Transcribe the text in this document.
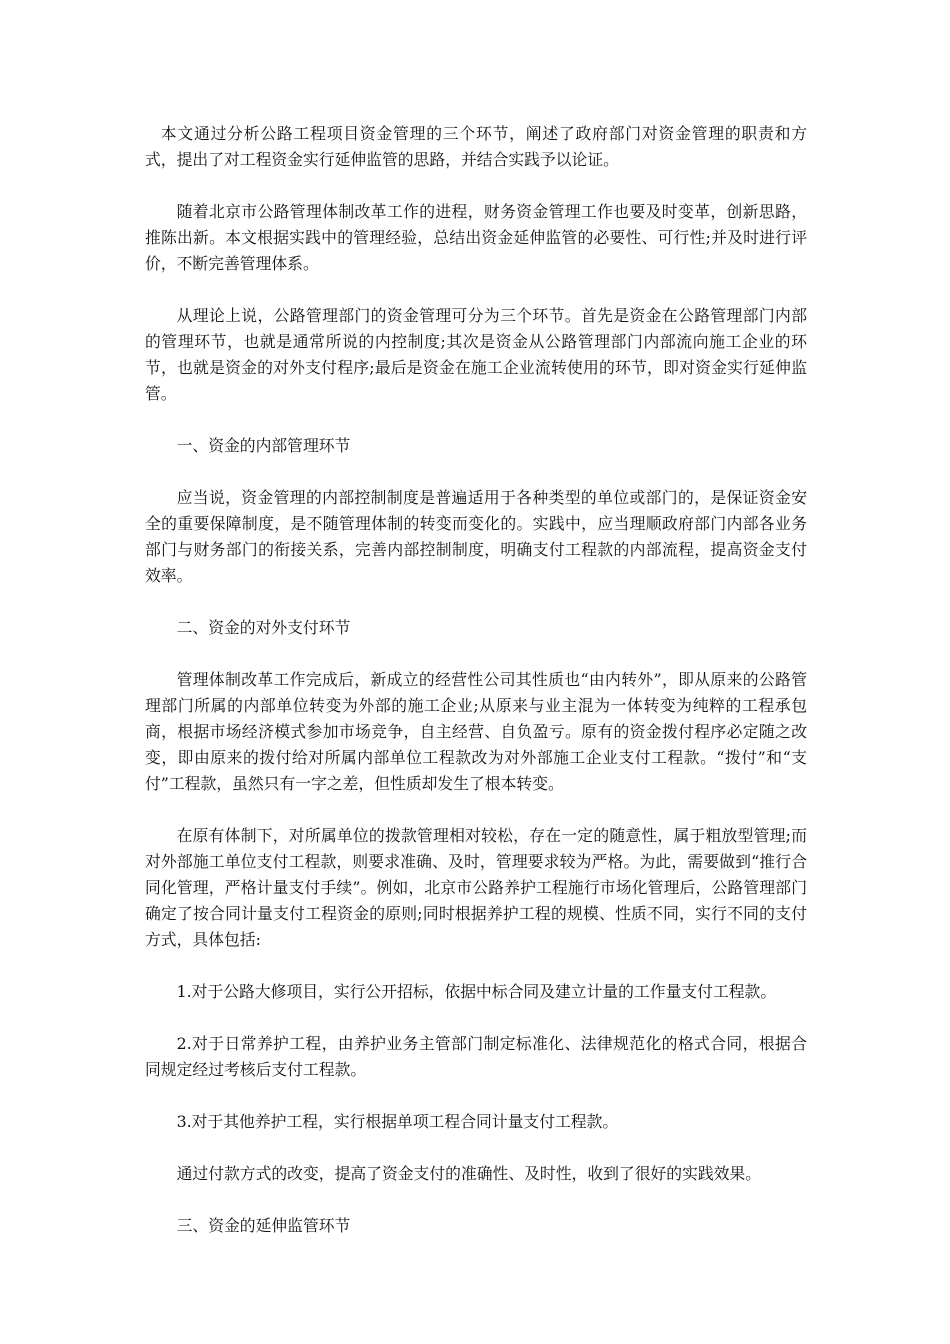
本文通过分析公路工程项目资金管理的三个环节，阐述了政府部门对资金管理的职责和方式，提出了对工程资金实行延伸监管的思路，并结合实践予以论证。

随着北京市公路管理体制改革工作的进程，财务资金管理工作也要及时变革，创新思路，推陈出新。本文根据实践中的管理经验，总结出资金延伸监管的必要性、可行性;并及时进行评价，不断完善管理体系。

从理论上说，公路管理部门的资金管理可分为三个环节。首先是资金在公路管理部门内部的管理环节，也就是通常所说的内控制度;其次是资金从公路管理部门内部流向施工企业的环节，也就是资金的对外支付程序;最后是资金在施工企业流转使用的环节，即对资金实行延伸监管。

一、资金的内部管理环节

应当说，资金管理的内部控制制度是普遍适用于各种类型的单位或部门的，是保证资金安全的重要保障制度，是不随管理体制的转变而变化的。实践中，应当理顺政府部门内部各业务部门与财务部门的衔接关系，完善内部控制制度，明确支付工程款的内部流程，提高资金支付效率。

二、资金的对外支付环节

管理体制改革工作完成后，新成立的经营性公司其性质也“由内转外”，即从原来的公路管理部门所属的内部单位转变为外部的施工企业;从原来与业主混为一体转变为纯粹的工程承包商，根据市场经济模式参加市场竞争，自主经营、自负盈亏。原有的资金拨付程序必定随之改变，即由原来的拨付给对所属内部单位工程款改为对外部施工企业支付工程款。“拨付”和“支付”工程款，虽然只有一字之差，但性质却发生了根本转变。

在原有体制下，对所属单位的拨款管理相对较松，存在一定的随意性，属于粗放型管理;而对外部施工单位支付工程款，则要求准确、及时，管理要求较为严格。为此，需要做到“推行合同化管理，严格计量支付手续”。例如，北京市公路养护工程施行市场化管理后，公路管理部门确定了按合同计量支付工程资金的原则;同时根据养护工程的规模、性质不同，实行不同的支付方式，具体包括:

1.对于公路大修项目，实行公开招标，依据中标合同及建立计量的工作量支付工程款。

2.对于日常养护工程，由养护业务主管部门制定标准化、法律规范化的格式合同，根据合同规定经过考核后支付工程款。

3.对于其他养护工程，实行根据单项工程合同计量支付工程款。

通过付款方式的改变，提高了资金支付的准确性、及时性，收到了很好的实践效果。

三、资金的延伸监管环节
